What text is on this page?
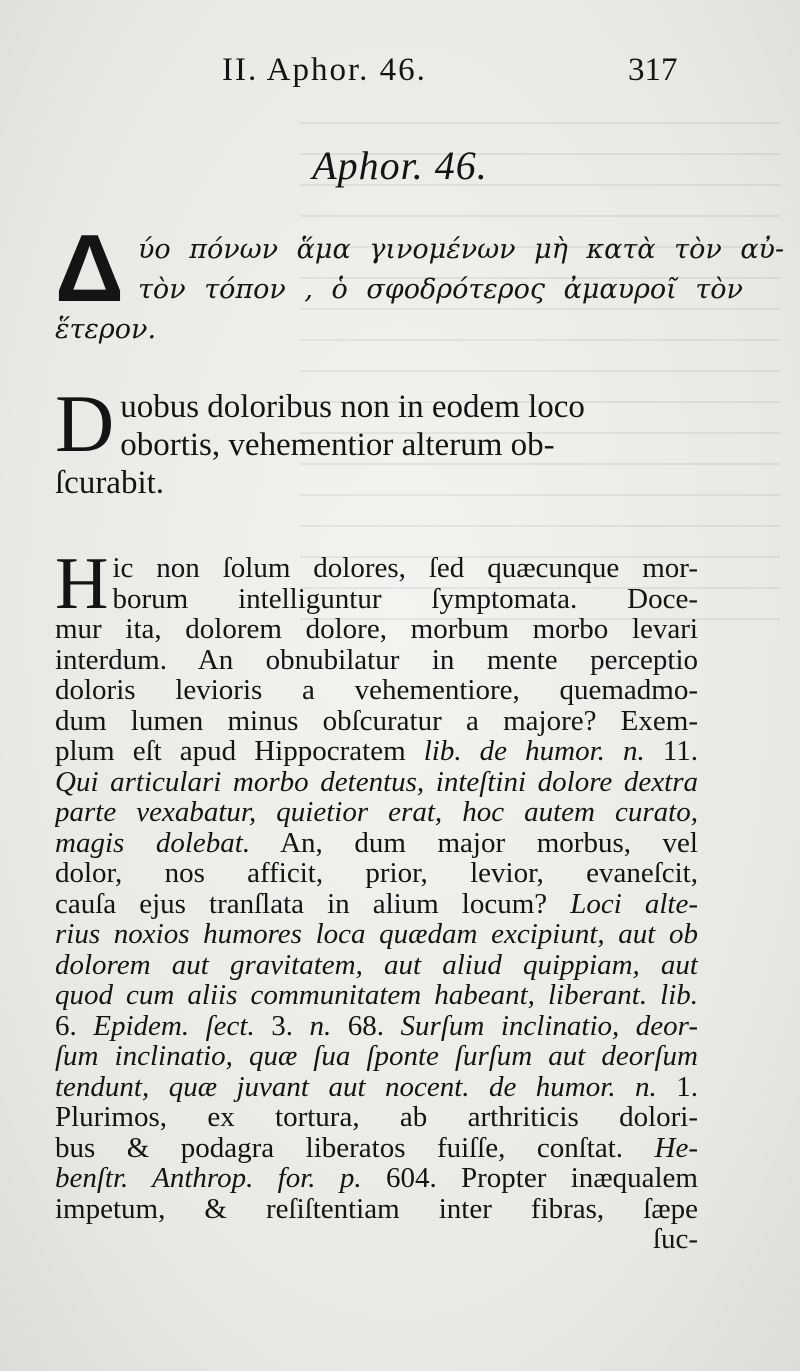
II. Aphor. 46.	317
Aphor. 46.
Δ ύο πόνων ἅμα γινομένων μὴ κατὰ τὸν αὐ-
τὸν τόπον , ὁ σφοδρότερος ἀμαυροῖ τὸν
ἕτερον.
D uobus doloribus non in eodem loco
obortis, vehementior alterum ob-
ſcurabit.
H ic non ſolum dolores, ſed quæcunque mor-
borum intelliguntur ſymptomata. Doce-
mur ita, dolorem dolore, morbum morbo levari
interdum. An obnubilatur in mente perceptio
doloris levioris a vehementiore, quemadmo-
dum lumen minus obſcuratur a majore? Exem-
plum eſt apud Hippocratem lib. de humor. n. 11.
Qui articulari morbo detentus, inteſtini dolore dextra
parte vexabatur, quietior erat, hoc autem curato,
magis dolebat. An, dum major morbus, vel
dolor, nos afficit, prior, levior, evaneſcit,
cauſa ejus tranſlata in alium locum? Loci alte-
rius noxios humores loca quædam excipiunt, aut ob
dolorem aut gravitatem, aut aliud quippiam, aut
quod cum aliis communitatem habeant, liberant. lib.
6. Epidem. ſect. 3. n. 68. Surſum inclinatio, deor-
ſum inclinatio, quæ ſua ſponte ſurſum aut deorſum
tendunt, quæ juvant aut nocent. de humor. n. 1.
Plurimos, ex tortura, ab arthriticis dolori-
bus & podagra liberatos fuiſſe, conſtat. He-
benſtr. Anthrop. for. p. 604. Propter inæqualem
impetum, & reſiſtentiam inter fibras, ſæpe
ſuc-
